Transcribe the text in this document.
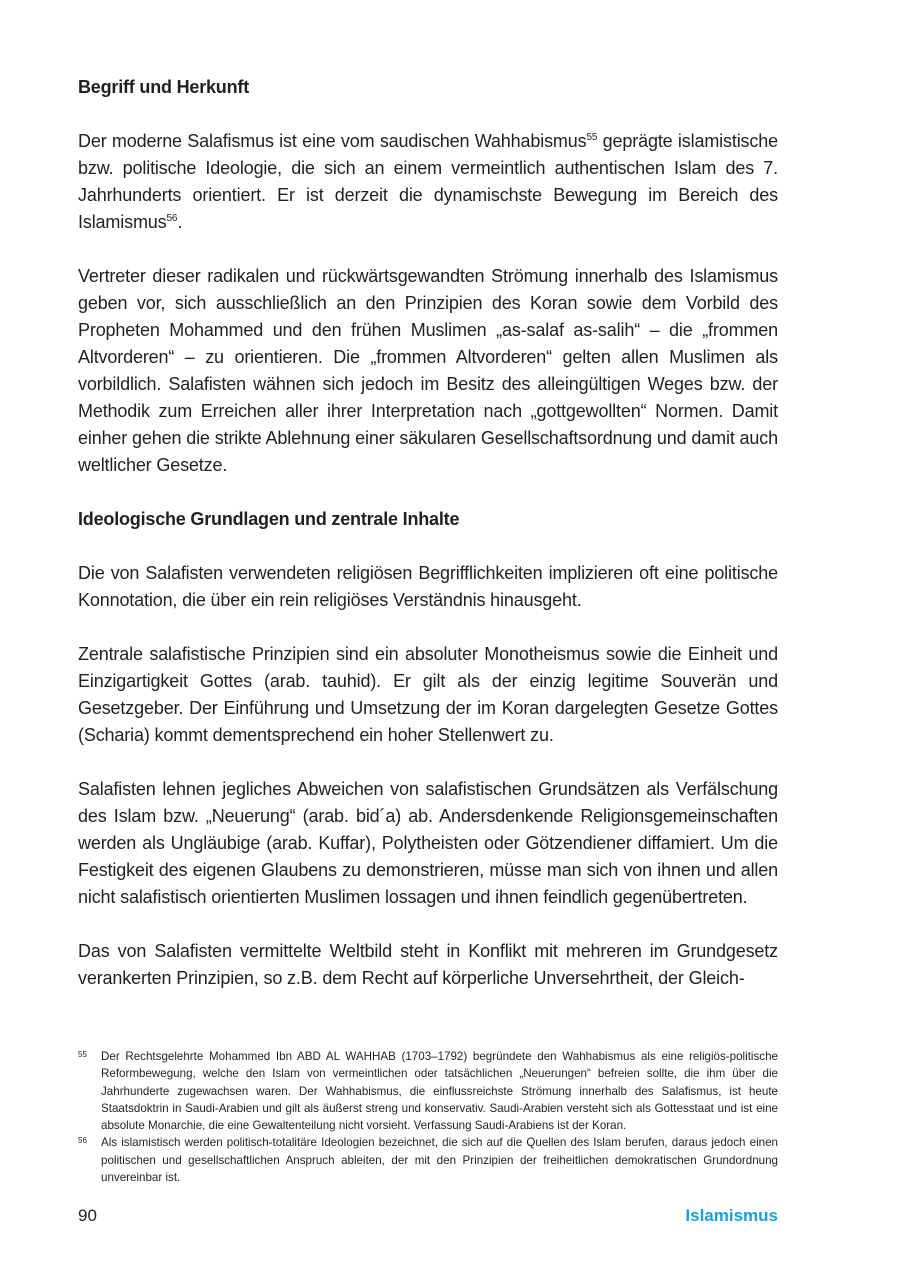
Begriff und Herkunft

Der moderne Salafismus ist eine vom saudischen Wahhabismus$^{55}$ geprägte islamistische bzw. politische Ideologie, die sich an einem vermeintlich authentischen Islam des 7. Jahrhunderts orientiert. Er ist derzeit die dynamischste Bewegung im Bereich des Islamismus$^{56}$.

Vertreter dieser radikalen und rückwärtsgewandten Strömung innerhalb des Islamismus geben vor, sich ausschließlich an den Prinzipien des Koran sowie dem Vorbild des Propheten Mohammed und den frühen Muslimen „as-salaf as-salih“ – die „frommen Altvorderen“ – zu orientieren. Die „frommen Altvorderen“ gelten allen Muslimen als vorbildlich. Salafisten wähnen sich jedoch im Besitz des alleingültigen Weges bzw. der Methodik zum Erreichen aller ihrer Interpretation nach „gottgewollten“ Normen. Damit einher gehen die strikte Ablehnung einer säkularen Gesellschaftsordnung und damit auch weltlicher Gesetze.

Ideologische Grundlagen und zentrale Inhalte

Die von Salafisten verwendeten religiösen Begrifflichkeiten implizieren oft eine politische Konnotation, die über ein rein religiöses Verständnis hinausgeht.

Zentrale salafistische Prinzipien sind ein absoluter Monotheismus sowie die Einheit und Einzigartigkeit Gottes (arab. tauhid). Er gilt als der einzig legitime Souverän und Gesetzgeber. Der Einführung und Umsetzung der im Koran dargelegten Gesetze Gottes (Scharia) kommt dementsprechend ein hoher Stellenwert zu.

Salafisten lehnen jegliches Abweichen von salafistischen Grundsätzen als Verfälschung des Islam bzw. „Neuerung“ (arab. bid´a) ab. Andersdenkende Religionsgemeinschaften werden als Ungläubige (arab. Kuffar), Polytheisten oder Götzendiener diffamiert. Um die Festigkeit des eigenen Glaubens zu demonstrieren, müsse man sich von ihnen und allen nicht salafistisch orientierten Muslimen lossagen und ihnen feindlich gegenübertreten.

Das von Salafisten vermittelte Weltbild steht in Konflikt mit mehreren im Grundgesetz verankerten Prinzipien, so z.B. dem Recht auf körperliche Unversehrtheit, der Gleich-

55 Der Rechtsgelehrte Mohammed Ibn ABD AL WAHHAB (1703–1792) begründete den Wahhabismus als eine religiös-politische Reformbewegung, welche den Islam von vermeintlichen oder tatsächlichen „Neuerungen“ befreien sollte, die ihm über die Jahrhunderte zugewachsen waren. Der Wahhabismus, die einflussreichste Strömung innerhalb des Salafismus, ist heute Staatsdoktrin in Saudi-Arabien und gilt als äußerst streng und konservativ. Saudi-Arabien versteht sich als Gottesstaat und ist eine absolute Monarchie, die eine Gewaltenteilung nicht vorsieht. Verfassung Saudi-Arabiens ist der Koran.
56 Als islamistisch werden politisch-totalitäre Ideologien bezeichnet, die sich auf die Quellen des Islam berufen, daraus jedoch einen politischen und gesellschaftlichen Anspruch ableiten, der mit den Prinzipien der freiheitlichen demokratischen Grundordnung unvereinbar ist.
90	Islamismus
